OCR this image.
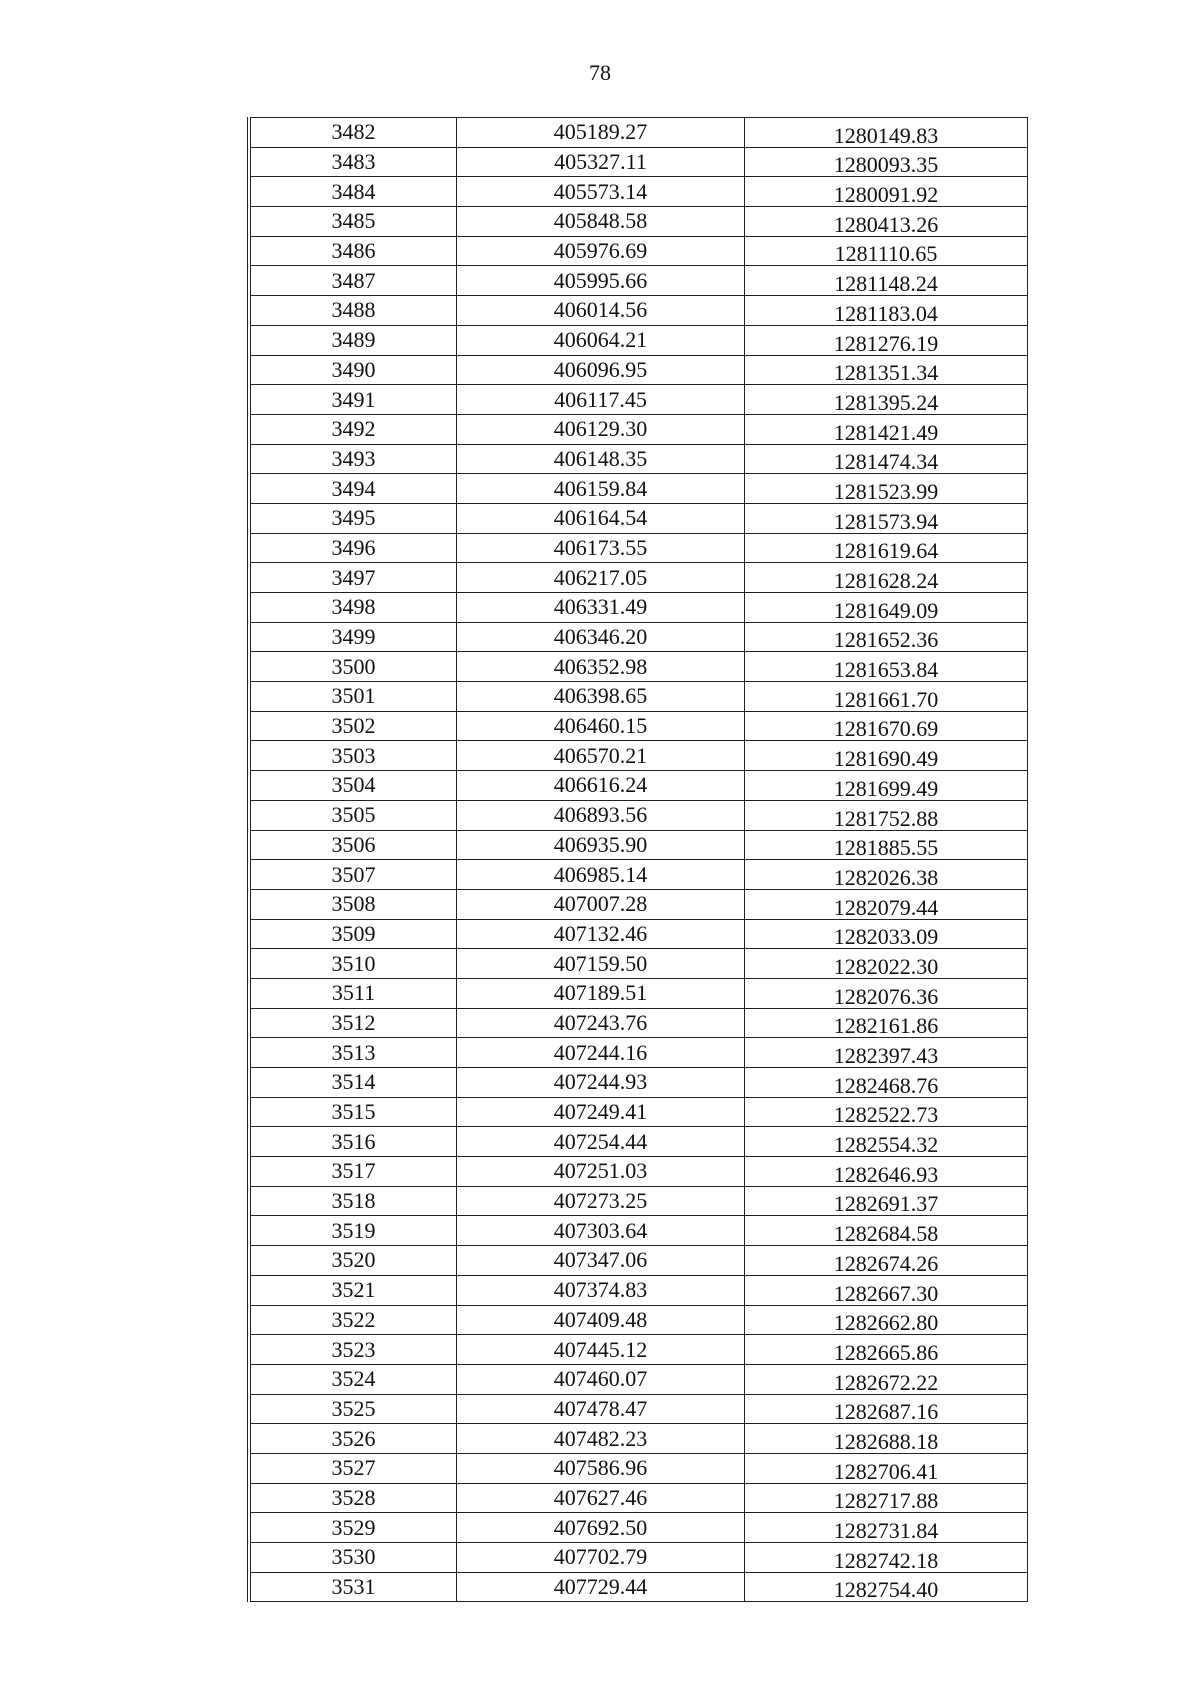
78
3482	405189.27	1280149.83
3483	405327.11	1280093.35
3484	405573.14	1280091.92
3485	405848.58	1280413.26
3486	405976.69	1281110.65
3487	405995.66	1281148.24
3488	406014.56	1281183.04
3489	406064.21	1281276.19
3490	406096.95	1281351.34
3491	406117.45	1281395.24
3492	406129.30	1281421.49
3493	406148.35	1281474.34
3494	406159.84	1281523.99
3495	406164.54	1281573.94
3496	406173.55	1281619.64
3497	406217.05	1281628.24
3498	406331.49	1281649.09
3499	406346.20	1281652.36
3500	406352.98	1281653.84
3501	406398.65	1281661.70
3502	406460.15	1281670.69
3503	406570.21	1281690.49
3504	406616.24	1281699.49
3505	406893.56	1281752.88
3506	406935.90	1281885.55
3507	406985.14	1282026.38
3508	407007.28	1282079.44
3509	407132.46	1282033.09
3510	407159.50	1282022.30
3511	407189.51	1282076.36
3512	407243.76	1282161.86
3513	407244.16	1282397.43
3514	407244.93	1282468.76
3515	407249.41	1282522.73
3516	407254.44	1282554.32
3517	407251.03	1282646.93
3518	407273.25	1282691.37
3519	407303.64	1282684.58
3520	407347.06	1282674.26
3521	407374.83	1282667.30
3522	407409.48	1282662.80
3523	407445.12	1282665.86
3524	407460.07	1282672.22
3525	407478.47	1282687.16
3526	407482.23	1282688.18
3527	407586.96	1282706.41
3528	407627.46	1282717.88
3529	407692.50	1282731.84
3530	407702.79	1282742.18
3531	407729.44	1282754.40
